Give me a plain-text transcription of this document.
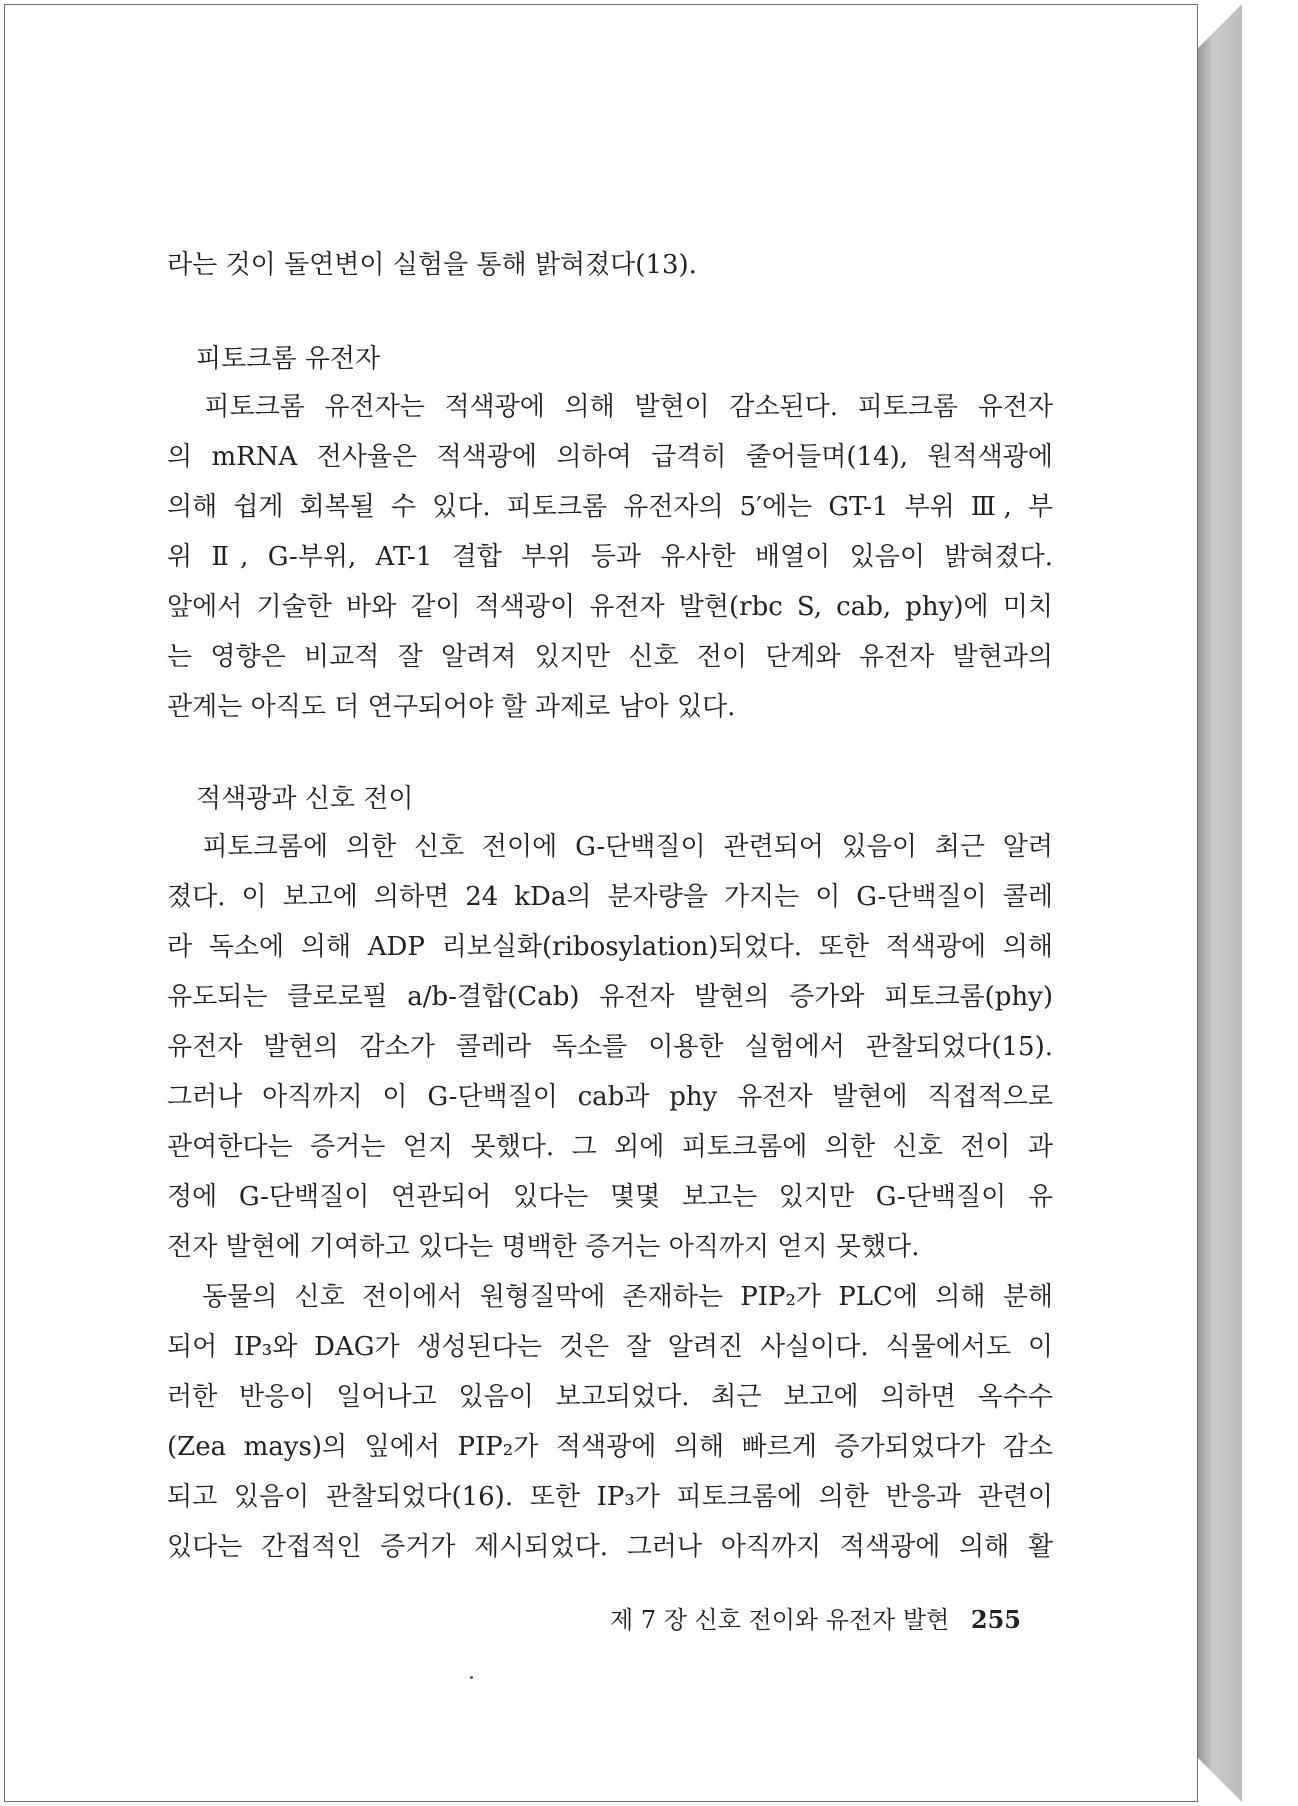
라는 것이 돌연변이 실험을 통해 밝혀졌다(13).
피토크롬 유전자
　피토크롬 유전자는 적색광에 의해 발현이 감소된다. 피토크롬 유전자
의 mRNA 전사율은 적색광에 의하여 급격히 줄어들며(14), 원적색광에
의해 쉽게 회복될 수 있다. 피토크롬 유전자의 5′에는 GT-1 부위 Ⅲ, 부
위 Ⅱ, G-부위, AT-1 결합 부위 등과 유사한 배열이 있음이 밝혀졌다.
앞에서 기술한 바와 같이 적색광이 유전자 발현(rbc S, cab, phy)에 미치
는 영향은 비교적 잘 알려져 있지만 신호 전이 단계와 유전자 발현과의
관계는 아직도 더 연구되어야 할 과제로 남아 있다.
적색광과 신호 전이
　피토크롬에 의한 신호 전이에 G-단백질이 관련되어 있음이 최근 알려
졌다. 이 보고에 의하면 24 kDa의 분자량을 가지는 이 G-단백질이 콜레
라 독소에 의해 ADP 리보실화(ribosylation)되었다. 또한 적색광에 의해
유도되는 클로로필 a/b-결합(Cab) 유전자 발현의 증가와 피토크롬(phy)
유전자 발현의 감소가 콜레라 독소를 이용한 실험에서 관찰되었다(15).
그러나 아직까지 이 G-단백질이 cab과 phy 유전자 발현에 직접적으로
관여한다는 증거는 얻지 못했다. 그 외에 피토크롬에 의한 신호 전이 과
정에 G-단백질이 연관되어 있다는 몇몇 보고는 있지만 G-단백질이 유
전자 발현에 기여하고 있다는 명백한 증거는 아직까지 얻지 못했다.
　동물의 신호 전이에서 원형질막에 존재하는 PIP₂가 PLC에 의해 분해
되어 IP₃와 DAG가 생성된다는 것은 잘 알려진 사실이다. 식물에서도 이
러한 반응이 일어나고 있음이 보고되었다. 최근 보고에 의하면 옥수수
(Zea mays)의 잎에서 PIP₂가 적색광에 의해 빠르게 증가되었다가 감소
되고 있음이 관찰되었다(16). 또한 IP₃가 피토크롬에 의한 반응과 관련이
있다는 간접적인 증거가 제시되었다. 그러나 아직까지 적색광에 의해 활
제 7 장 신호 전이와 유전자 발현 255
